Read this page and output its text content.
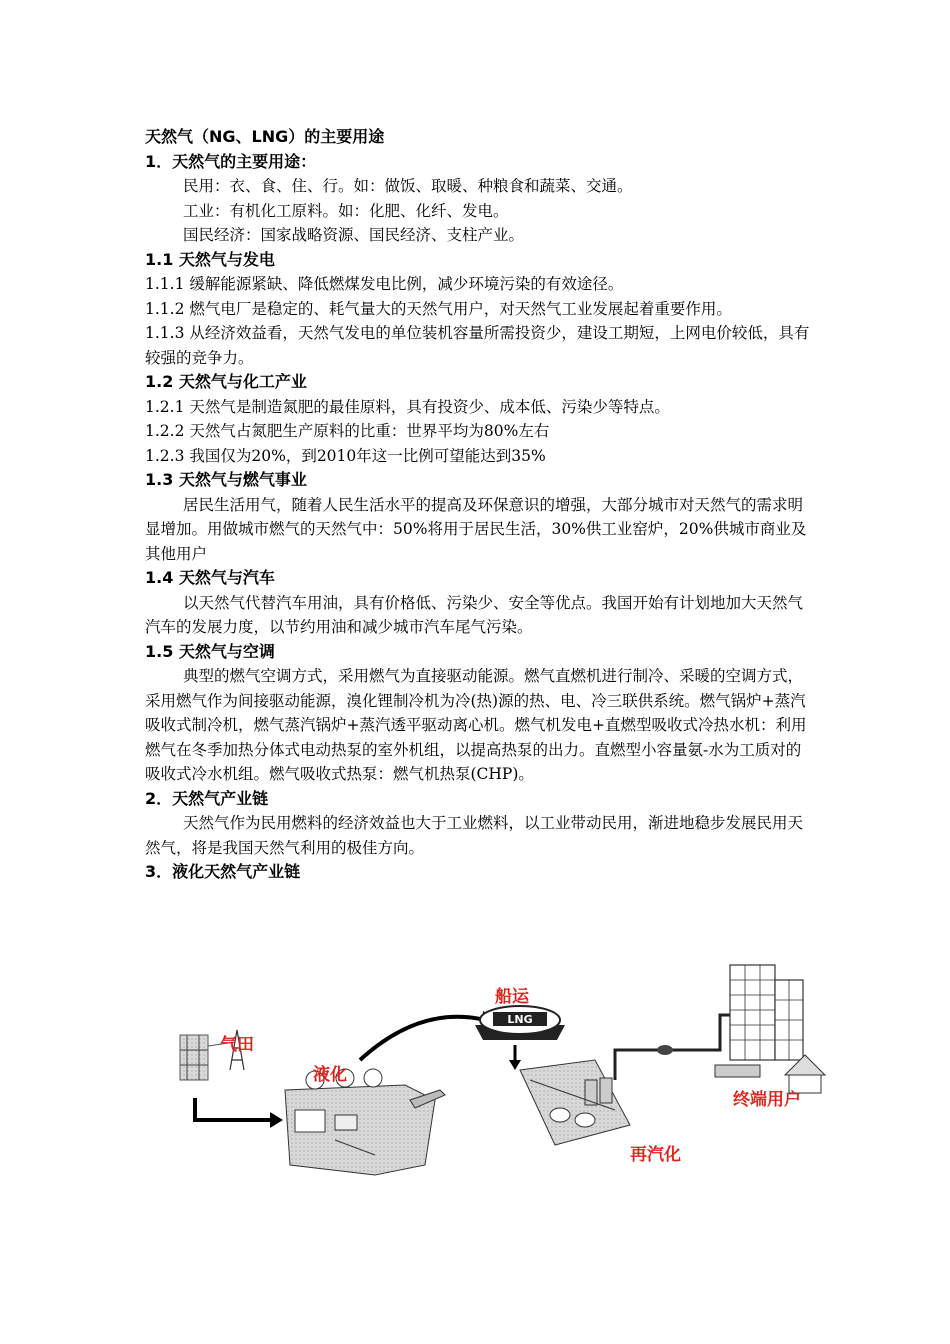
天然气（NG、LNG）的主要用途

1．天然气的主要用途：

民用：衣、食、住、行。如：做饭、取暖、种粮食和蔬菜、交通。

工业：有机化工原料。如：化肥、化纤、发电。

国民经济：国家战略资源、国民经济、支柱产业。

1.1 天然气与发电

1.1.1 缓解能源紧缺、降低燃煤发电比例，减少环境污染的有效途径。

1.1.2 燃气电厂是稳定的、耗气量大的天然气用户，对天然气工业发展起着重要作用。

1.1.3 从经济效益看，天然气发电的单位装机容量所需投资少，建设工期短，上网电价较低，具有较强的竞争力。

1.2 天然气与化工产业

1.2.1 天然气是制造氮肥的最佳原料，具有投资少、成本低、污染少等特点。

1.2.2 天然气占氮肥生产原料的比重：世界平均为80%左右

1.2.3 我国仅为20%，到2010年这一比例可望能达到35%

1.3 天然气与燃气事业

居民生活用气，随着人民生活水平的提高及环保意识的增强，大部分城市对天然气的需求明显增加。用做城市燃气的天然气中：50%将用于居民生活，30%供工业窑炉，20%供城市商业及其他用户

1.4 天然气与汽车

以天然气代替汽车用油，具有价格低、污染少、安全等优点。我国开始有计划地加大天然气汽车的发展力度，以节约用油和减少城市汽车尾气污染。

1.5 天然气与空调

典型的燃气空调方式，采用燃气为直接驱动能源。燃气直燃机进行制冷、采暖的空调方式，采用燃气作为间接驱动能源，溴化锂制冷机为冷(热)源的热、电、冷三联供系统。燃气锅炉+蒸汽吸收式制冷机，燃气蒸汽锅炉+蒸汽透平驱动离心机。燃气机发电+直燃型吸收式冷热水机：利用燃气在冬季加热分体式电动热泵的室外机组，以提高热泵的出力。直燃型小容量氨-水为工质对的吸收式冷水机组。燃气吸收式热泵：燃气机热泵(CHP)。

2．天然气产业链

天然气作为民用燃料的经济效益也大于工业燃料，以工业带动民用，渐进地稳步发展民用天然气，将是我国天然气利用的极佳方向。

3．液化天然气产业链

LNG
气田
液化
船运
再汽化
终端用户
